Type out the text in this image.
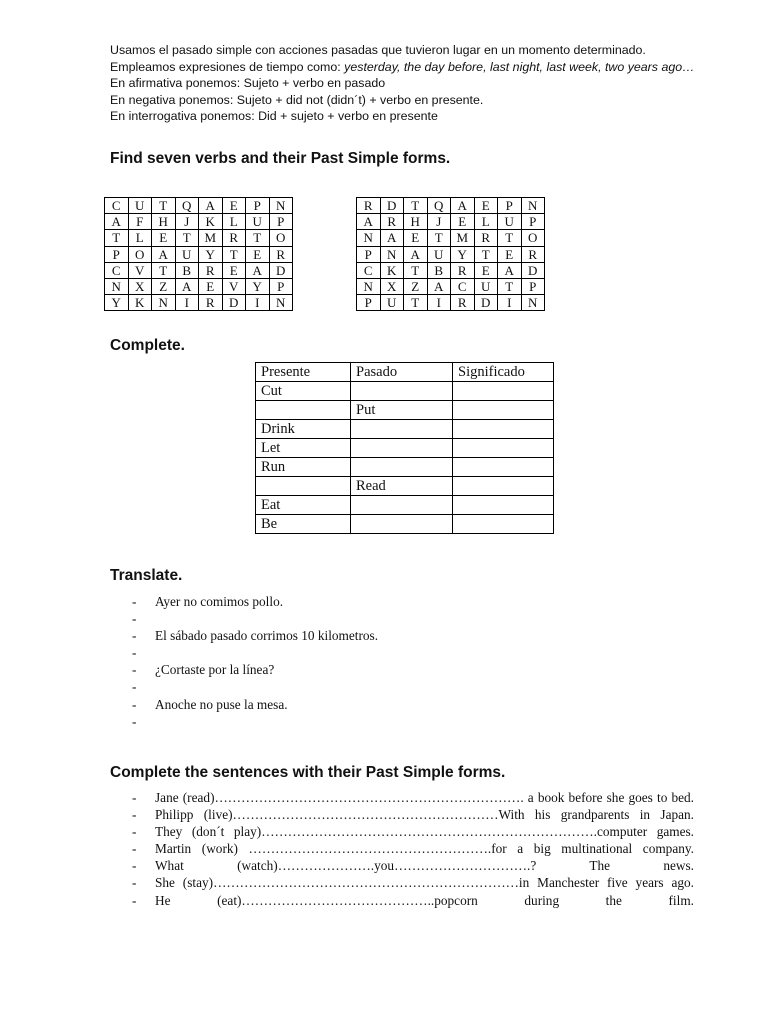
Usamos el pasado simple con acciones pasadas que tuvieron lugar en un momento determinado.

Empleamos expresiones de tiempo como: yesterday, the day before, last night, last week, two years ago…

En afirmativa ponemos: Sujeto + verbo en pasado

En negativa ponemos: Sujeto + did not (didn´t) + verbo en presente.

En interrogativa ponemos: Did + sujeto + verbo en presente

Find seven verbs and their Past Simple forms.
C	U	T	Q	A	E	P	N
A	F	H	J	K	L	U	P
T	L	E	T	M	R	T	O
P	O	A	U	Y	T	E	R
C	V	T	B	R	E	A	D
N	X	Z	A	E	V	Y	P
Y	K	N	I	R	D	I	N
R	D	T	Q	A	E	P	N
A	R	H	J	E	L	U	P
N	A	E	T	M	R	T	O
P	N	A	U	Y	T	E	R
C	K	T	B	R	E	A	D
N	X	Z	A	C	U	T	P
P	U	T	I	R	D	I	N
Complete.
Presente	Pasado	Significado
Cut		
	Put	
Drink		
Let		
Run		
	Read	
Eat		
Be		
Translate.
- Ayer no comimos pollo.
-
- El sábado pasado corrimos 10 kilometros.
-
- ¿Cortaste por la línea?
-
- Anoche no puse la mesa.
-
Complete the sentences with their Past Simple forms.
- Jane (read)……………………………………………………………. a book before she goes to bed.
- Philipp (live)……………………………………………………With his grandparents in Japan.
- They (don´t play)………………………………………………………………….computer games.
- Martin (work) ……………………………………………….for a big multinational company.
- What (watch)………………….you………………………….? The news.
- She (stay)……………………………………………………………in Manchester five years ago.
- He (eat)……………………………………..popcorn during the film.
